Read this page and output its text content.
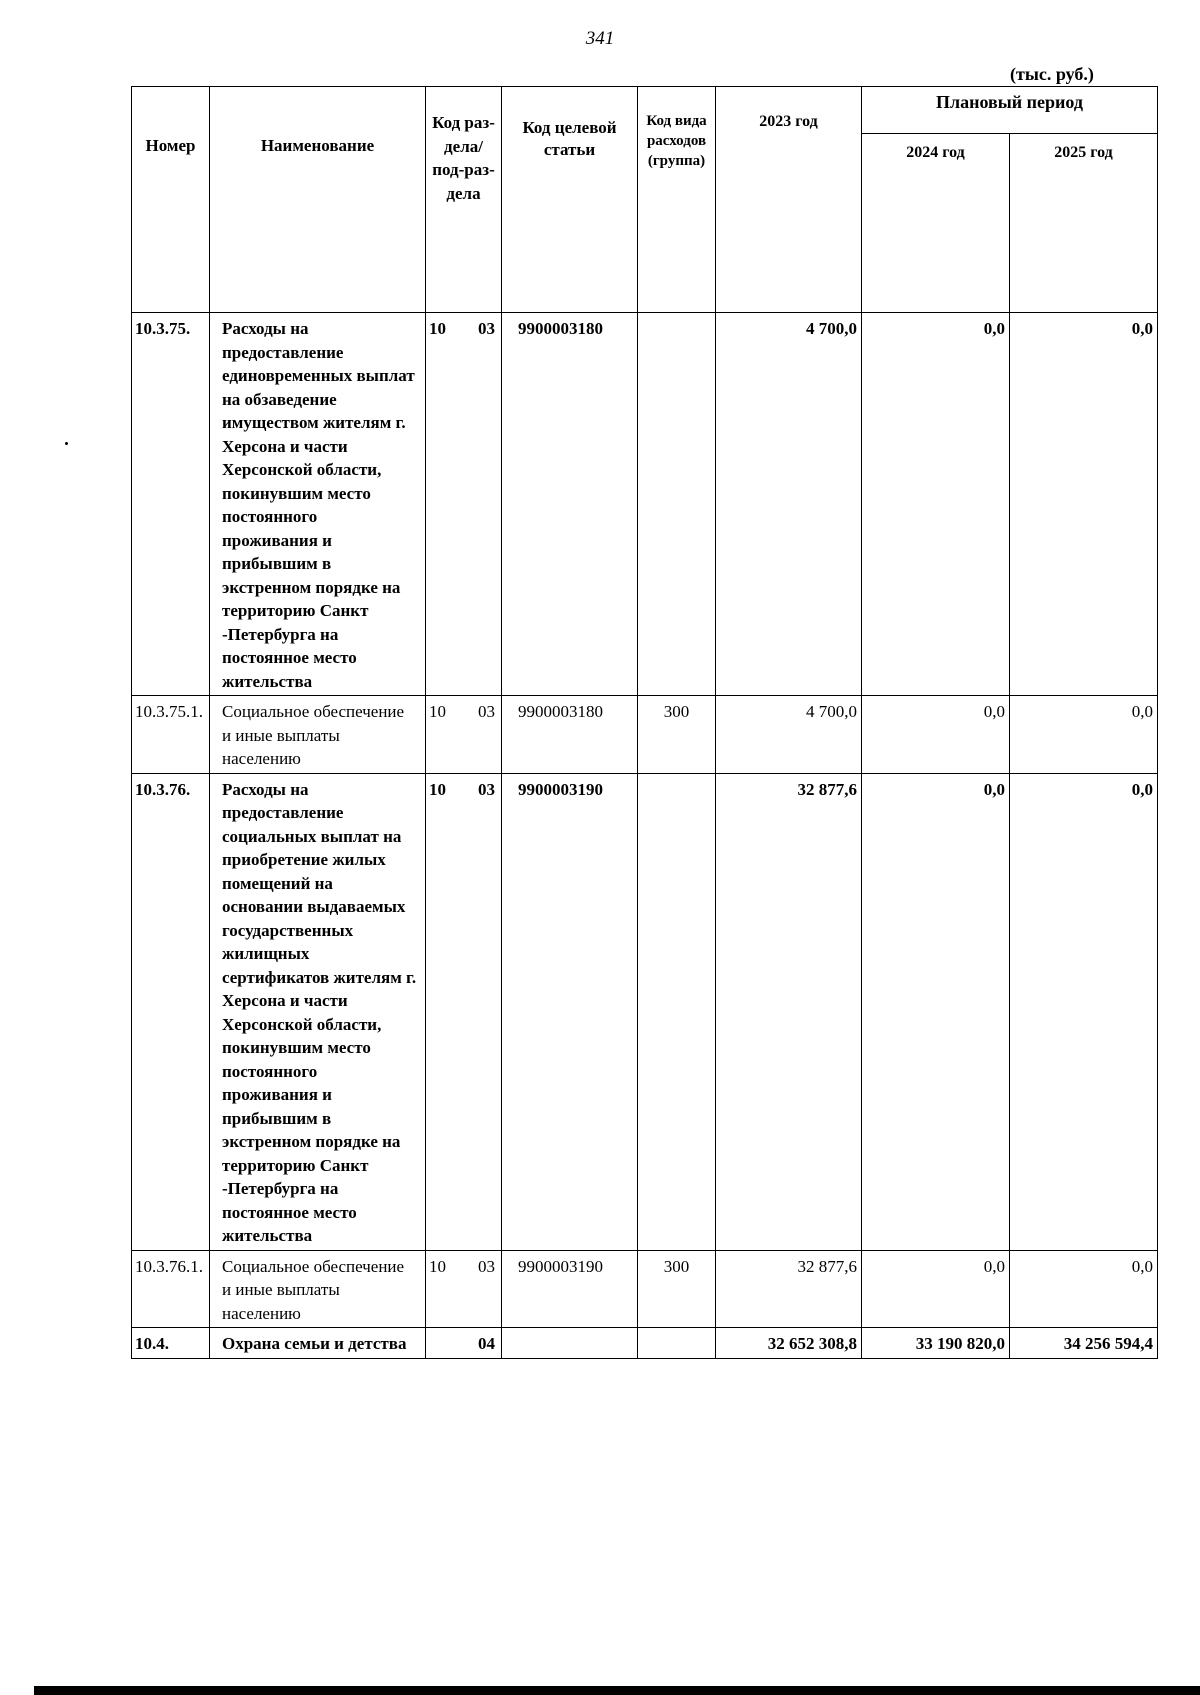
341
(тыс. руб.)
Номер	Наименование	Код раз-дела/ под-раз-дела	Код целевой статьи	Код вида расходов (группа)	2023 год	Плановый период	
						2024 год	2025 год
10.3.75.	Расходы на предоставление единовременных выплат на обзаведение имуществом жителям г. Херсона и части Херсонской области, покинувшим место постоянного проживания и прибывшим в экстренном порядке на территорию Санкт -Петербурга на постоянное место жительства	10 03	9900003180		4 700,0	0,0	0,0
10.3.75.1.	Социальное обеспечение и иные выплаты населению	10 03	9900003180	300	4 700,0	0,0	0,0
10.3.76.	Расходы на предоставление социальных выплат на приобретение жилых помещений на основании выдаваемых государственных жилищных сертификатов жителям г. Херсона и части Херсонской области, покинувшим место постоянного проживания и прибывшим в экстренном порядке на территорию Санкт -Петербурга на постоянное место жительства	10 03	9900003190		32 877,6	0,0	0,0
10.3.76.1.	Социальное обеспечение и иные выплаты населению	10 03	9900003190	300	32 877,6	0,0	0,0
10.4.	Охрана семьи и детства	04			32 652 308,8	33 190 820,0	34 256 594,4
